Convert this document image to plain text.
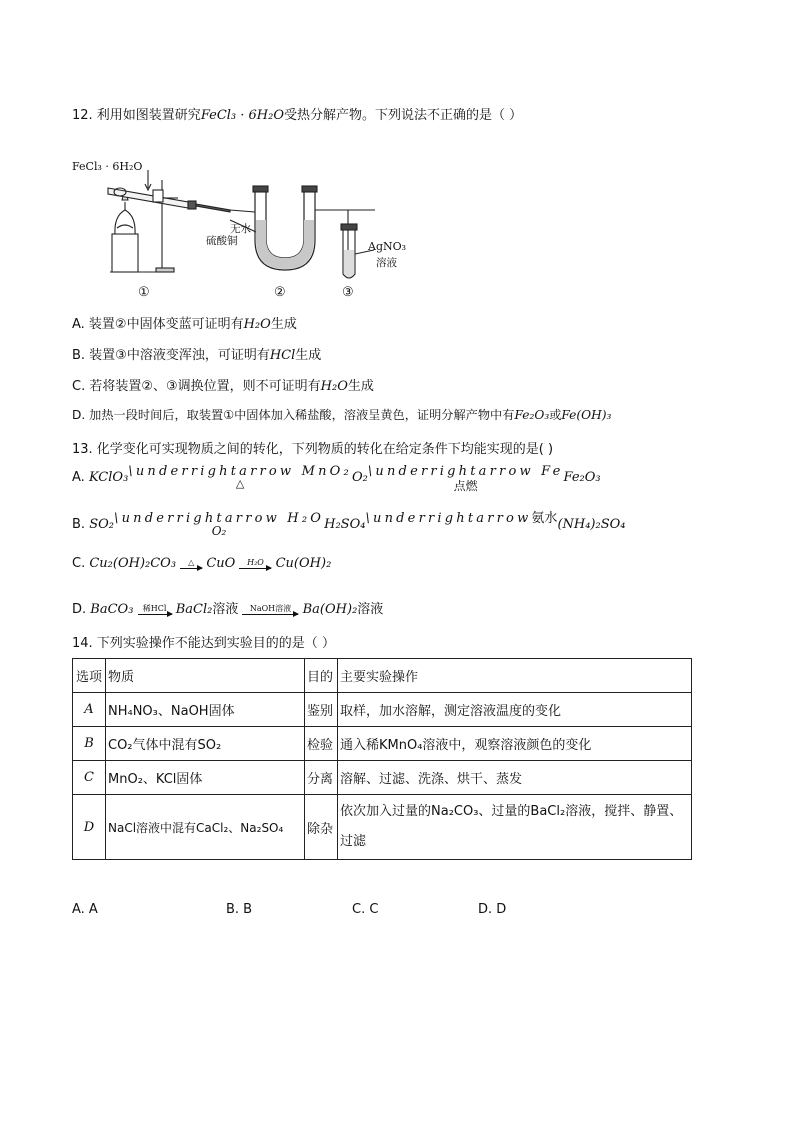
12. 利用如图装置研究FeCl₃ · 6H₂O受热分解产物。下列说法不正确的是（ ）
FeCl₃ · 6H₂O
无水
硫酸铜	AgNO₃
溶液
①	②	③
A. 装置②中固体变蓝可证明有H₂O生成
B. 装置③中溶液变浑浊，可证明有HCl生成
C. 若将装置②、③调换位置，则不可证明有H₂O生成
D. 加热一段时间后，取装置①中固体加入稀盐酸，溶液呈黄色，证明分解产物中有Fe₂O₃或Fe(OH)₃
13. 化学变化可实现物质之间的转化，下列物质的转化在给定条件下均能实现的是( )
A. KClO₃\underrightarrow MnO₂
△	O₂\underrightarrow Fe
点燃
Fe₂O₃
B. SO₂\underrightarrow H₂O
O₂	H₂SO₄\underrightarrow氨水(NH₄)₂SO₄
C. Cu₂(OH)₂CO₃	△ CuO	H₂O Cu(OH)₂
D. BaCO₃	稀HCl BaCl₂溶液	NaOH溶液 Ba(OH)₂溶液
14. 下列实验操作不能达到实验目的的是（ ）
选项	物质	目的	主要实验操作
A	NH₄NO₃、NaOH固体	鉴别	取样，加水溶解，测定溶液温度的变化
B	CO₂气体中混有SO₂	检验	通入稀KMnO₄溶液中，观察溶液颜色的变化
C	MnO₂、KCl固体	分离	溶解、过滤、洗涤、烘干、蒸发
D	NaCl溶液中混有CaCl₂、Na₂SO₄	除杂	依次加入过量的Na₂CO₃、过量的BaCl₂溶液，搅拌、静置、
过滤
A. A	B. B	C. C	D. D
